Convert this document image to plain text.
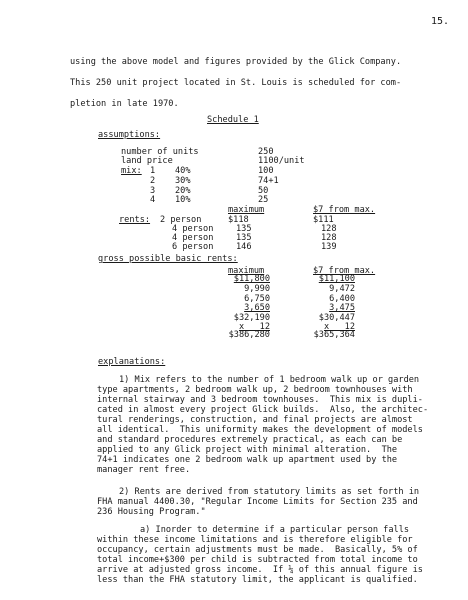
15.
using the above model and figures provided by the Glick Company.
This 250 unit project located in St. Louis is scheduled for com-
pletion in late 1970.
Schedule 1
assumptions:
number of units	250
land price	1100/unit
mix: 1 40%	100
2 30%	74+1
3 20%	50
4 10%	25
maximum	$7 from max.
rents: 2 person	$118	$111
4 person	135	128
4 person	135	128
6 person	146	139
gross possible basic rents:
maximum	$7 from max.
$11,800	$11,100
9,990	9,472
6,750	6,400
3,650	3,475
$32,190	$30,447
x   12	x   12
$386,280	$365,364
explanations:
1) Mix refers to the number of 1 bedroom walk up or garden
type apartments, 2 bedroom walk up, 2 bedroom townhouses with
internal stairway and 3 bedroom townhouses.  This mix is dupli-
cated in almost every project Glick builds.  Also, the architec-
tural renderings, construction, and final projects are almost
all identical.  This uniformity makes the development of models
and standard procedures extremely practical, as each can be
applied to any Glick project with minimal alteration.  The
74+1 indicates one 2 bedroom walk up apartment used by the
manager rent free.
2) Rents are derived from statutory limits as set forth in
FHA manual 4400.30, "Regular Income Limits for Section 235 and
236 Housing Program."
a) Inorder to determine if a particular person falls
within these income limitations and is therefore eligible for
occupancy, certain adjustments must be made.  Basically, 5% of
total income+$300 per child is subtracted from total income to
arrive at adjusted gross income.  If ¼ of this annual figure is
less than the FHA statutory limit, the applicant is qualified.
